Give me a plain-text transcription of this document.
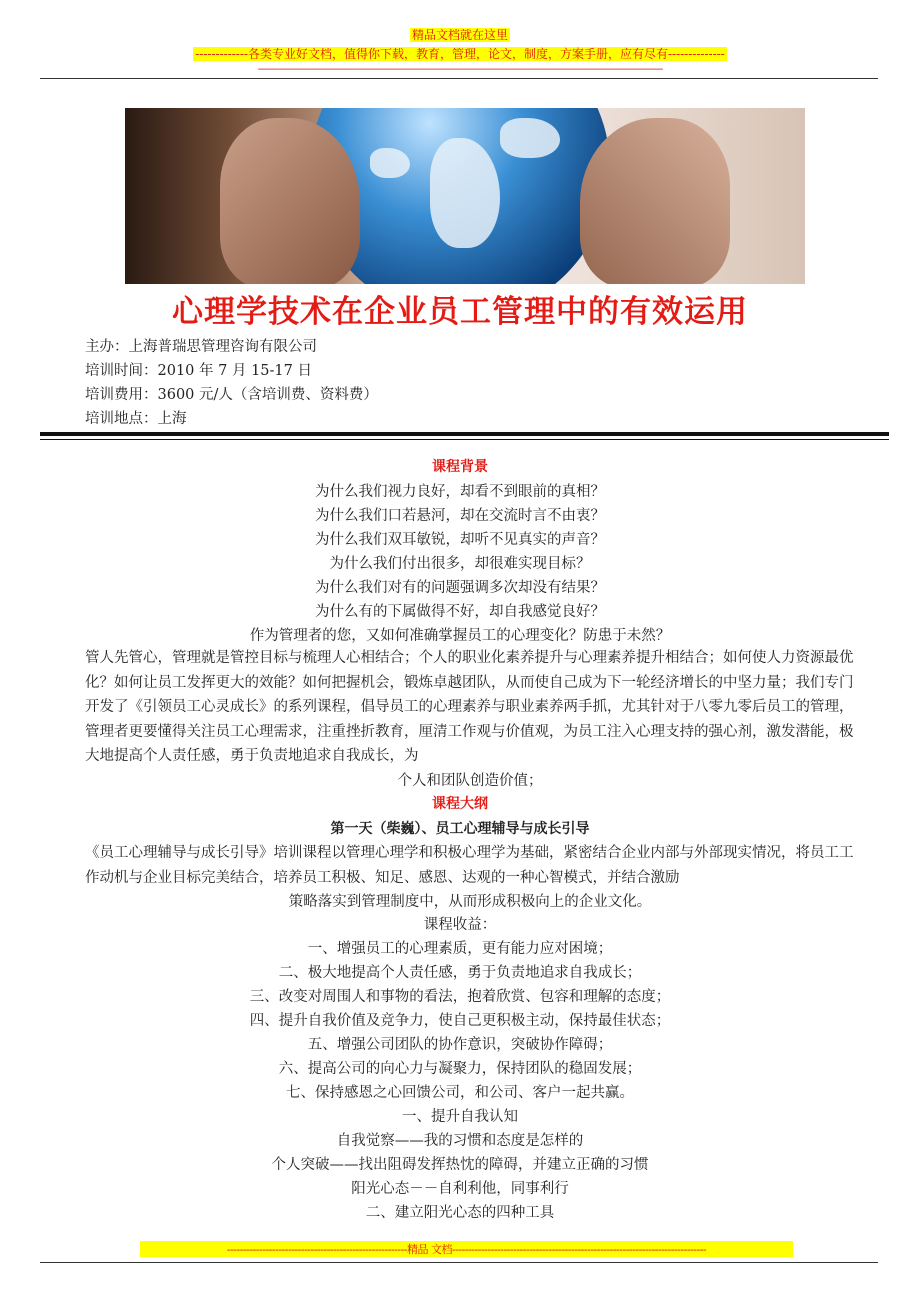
精品文档就在这里
-------------各类专业好文档，值得你下载，教育，管理，论文，制度，方案手册，应有尽有--------------
--------------------------------------------------------------------------------------------------------------------------------------------------------------------------
心理学技术在企业员工管理中的有效运用
主办：上海普瑞思管理咨询有限公司
培训时间：2010 年 7 月 15-17 日
培训费用：3600 元/人（含培训费、资料费）
培训地点：上海
课程背景
为什么我们视力良好，却看不到眼前的真相？
为什么我们口若悬河，却在交流时言不由衷？
为什么我们双耳敏锐，却听不见真实的声音？
为什么我们付出很多，却很难实现目标？
为什么我们对有的问题强调多次却没有结果？
为什么有的下属做得不好，却自我感觉良好？
作为管理者的您，又如何准确掌握员工的心理变化？防患于未然？
管人先管心，管理就是管控目标与梳理人心相结合；个人的职业化素养提升与心理素养提升相结合；如何使人力资源最优化？如何让员工发挥更大的效能？如何把握机会，锻炼卓越团队，从而使自己成为下一轮经济增长的中坚力量；我们专门开发了《引领员工心灵成长》的系列课程，倡导员工的心理素养与职业素养两手抓，尤其针对于八零九零后员工的管理，管理者更要懂得关注员工心理需求，注重挫折教育，厘清工作观与价值观，为员工注入心理支持的强心剂，激发潜能，极大地提高个人责任感，勇于负责地追求自我成长，为
个人和团队创造价值；
课程大纲
第一天（柴巍）、员工心理辅导与成长引导
《员工心理辅导与成长引导》培训课程以管理心理学和积极心理学为基础，紧密结合企业内部与外部现实情况，将员工工作动机与企业目标完美结合，培养员工积极、知足、感恩、达观的一种心智模式，并结合激励
策略落实到管理制度中，从而形成积极向上的企业文化。
课程收益：
一、增强员工的心理素质，更有能力应对困境；
二、极大地提高个人责任感，勇于负责地追求自我成长；
三、改变对周围人和事物的看法，抱着欣赏、包容和理解的态度；
四、提升自我价值及竞争力，使自己更积极主动，保持最佳状态；
五、增强公司团队的协作意识，突破协作障碍；
六、提高公司的向心力与凝聚力，保持团队的稳固发展；
七、保持感恩之心回馈公司，和公司、客户一起共赢。
一、提升自我认知
自我觉察——我的习惯和态度是怎样的
个人突破——找出阻碍发挥热忱的障碍，并建立正确的习惯
阳光心态－－自利利他，同事利行
二、建立阳光心态的四种工具
--------------------------------------------------------精品 文档-------------------------------------------------------------------------------
